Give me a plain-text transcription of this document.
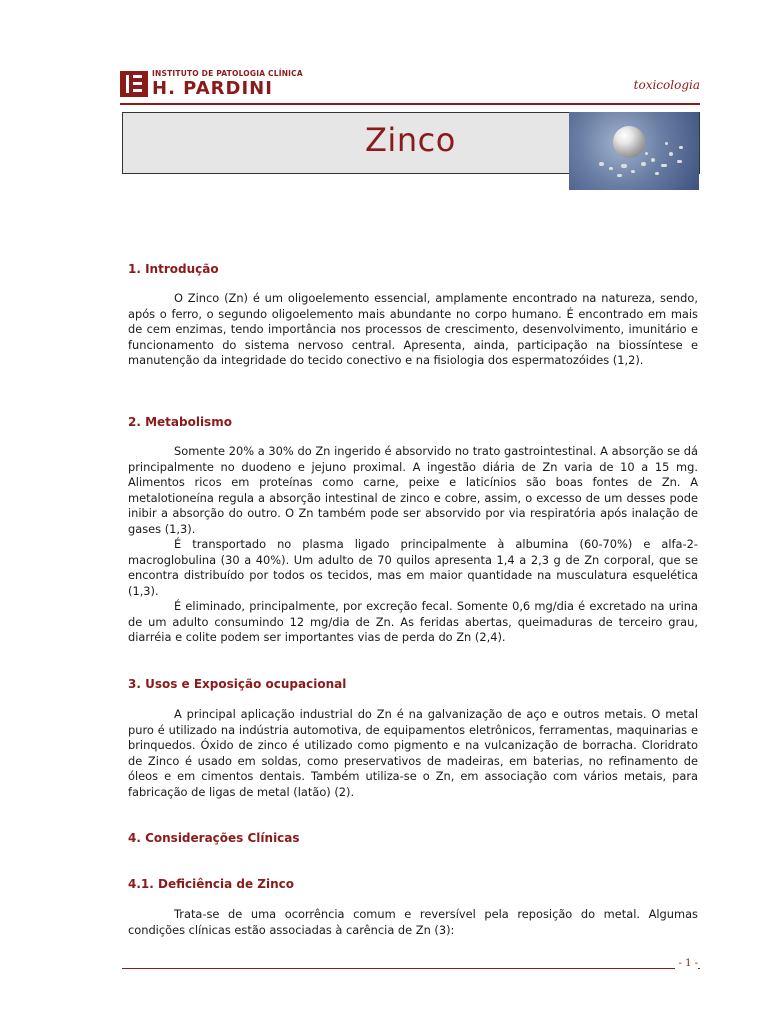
INSTITUTO DE PATOLOGIA CLÍNICA
H. PARDINI	toxicologia
Zinco
1. Introdução

O Zinco (Zn) é um oligoelemento essencial, amplamente encontrado na natureza, sendo, após o ferro, o segundo oligoelemento mais abundante no corpo humano. É encontrado em mais de cem enzimas, tendo importância nos processos de crescimento, desenvolvimento, imunitário e funcionamento do sistema nervoso central. Apresenta, ainda, participação na biossíntese e manutenção da integridade do tecido conectivo e na fisiologia dos espermatozóides (1,2).

2. Metabolismo

Somente 20% a 30% do Zn ingerido é absorvido no trato gastrointestinal. A absorção se dá principalmente no duodeno e jejuno proximal. A ingestão diária de Zn varia de 10 a 15 mg. Alimentos ricos em proteínas como carne, peixe e laticínios são boas fontes de Zn. A metalotioneína regula a absorção intestinal de zinco e cobre, assim, o excesso de um desses pode inibir a absorção do outro. O Zn também pode ser absorvido por via respiratória após inalação de gases (1,3).

É transportado no plasma ligado principalmente à albumina (60-70%) e alfa-2-macroglobulina (30 a 40%). Um adulto de 70 quilos apresenta 1,4 a 2,3 g de Zn corporal, que se encontra distribuído por todos os tecidos, mas em maior quantidade na musculatura esquelética (1,3).

É eliminado, principalmente, por excreção fecal. Somente 0,6 mg/dia é excretado na urina de um adulto consumindo 12 mg/dia de Zn. As feridas abertas, queimaduras de terceiro grau, diarréia e colite podem ser importantes vias de perda do Zn (2,4).

3. Usos e Exposição ocupacional

A principal aplicação industrial do Zn é na galvanização de aço e outros metais. O metal puro é utilizado na indústria automotiva, de equipamentos eletrônicos, ferramentas, maquinarias e brinquedos. Óxido de zinco é utilizado como pigmento e na vulcanização de borracha. Cloridrato de Zinco é usado em soldas, como preservativos de madeiras, em baterias, no refinamento de óleos e em cimentos dentais. Também utiliza-se o Zn, em associação com vários metais, para fabricação de ligas de metal (latão) (2).

4. Considerações Clínicas
4.1. Deficiência de Zinco

Trata-se de uma ocorrência comum e reversível pela reposição do metal. Algumas condições clínicas estão associadas à carência de Zn (3):

- 1 -
